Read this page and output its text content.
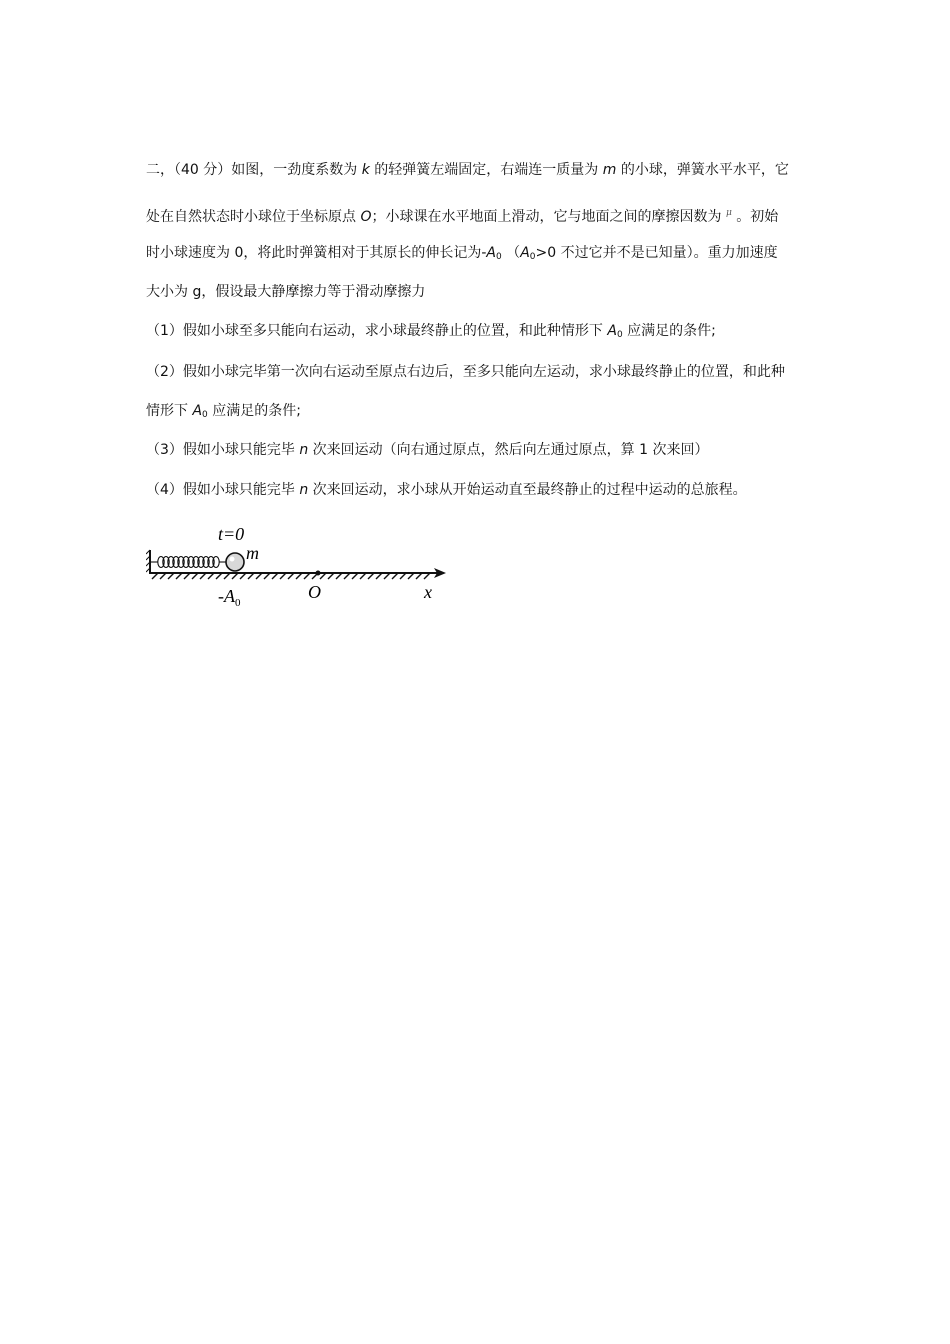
二，（40 分）如图，一劲度系数为 k 的轻弹簧左端固定，右端连一质量为 m 的小球，弹簧水平水平，它
处在自然状态时小球位于坐标原点 O；小球课在水平地面上滑动，它与地面之间的摩擦因数为 $^\mu$ 。初始
时小球速度为 0，将此时弹簧相对于其原长的伸长记为$-A_0$ （$A_0>0$ 不过它并不是已知量）。重力加速度
大小为 g，假设最大静摩擦力等于滑动摩擦力
（1）假如小球至多只能向右运动，求小球最终静止的位置，和此种情形下 $A_0$ 应满足的条件;
（2）假如小球完毕第一次向右运动至原点右边后，至多只能向左运动，求小球最终静止的位置，和此种
情形下 $A_0$ 应满足的条件;
（3）假如小球只能完毕 n 次来回运动（向右通过原点，然后向左通过原点，算 1 次来回）
（4）假如小球只能完毕 n 次来回运动，求小球从开始运动直至最终静止的过程中运动的总旅程。
t=0
m
$-A_0$
O	x
